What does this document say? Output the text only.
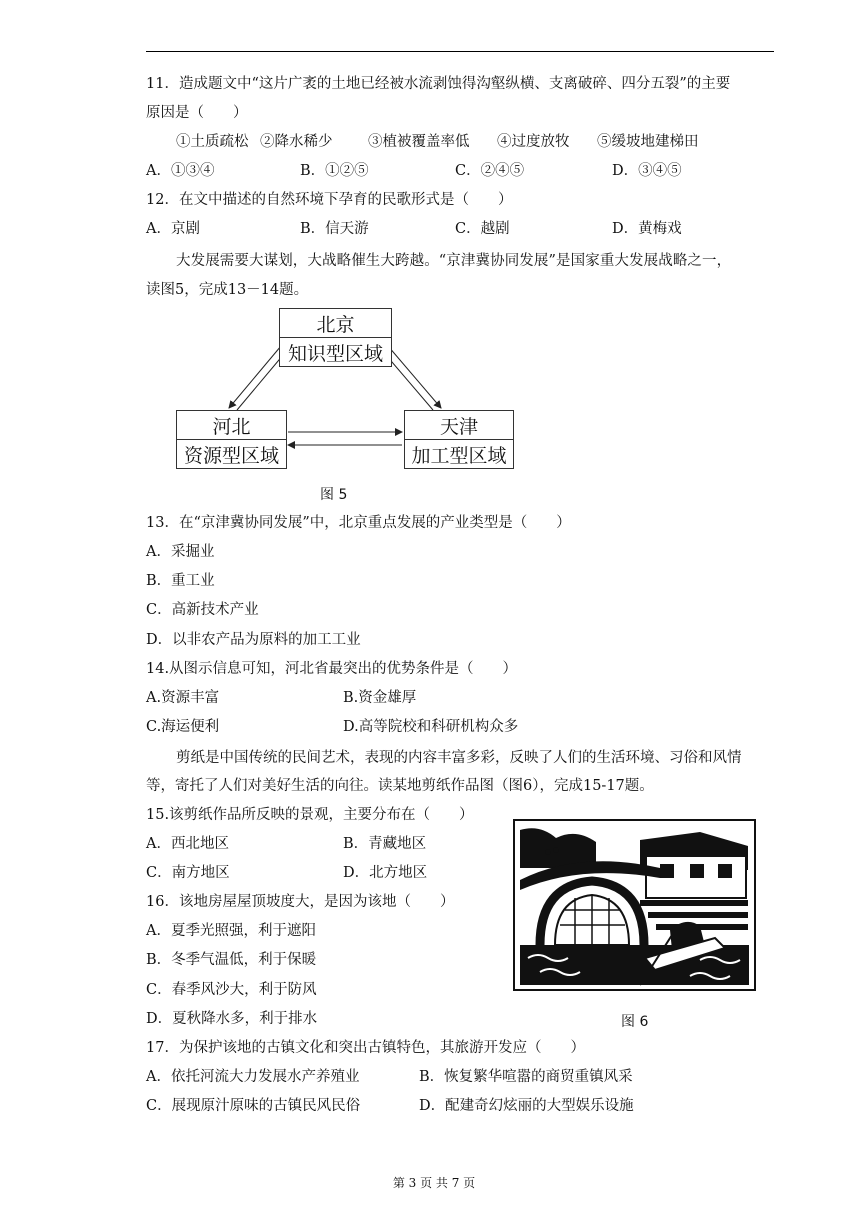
11．造成题文中“这片广袤的土地已经被水流剥蚀得沟壑纵横、支离破碎、四分五裂”的主要
原因是（　　）
①土质疏松 ②降水稀少 ③植被覆盖率低 ④过度放牧 ⑤缓坡地建梯田
A．①③④	B．①②⑤	C．②④⑤	D．③④⑤
12．在文中描述的自然环境下孕育的民歌形式是（　　）
A．京剧	B．信天游	C．越剧	D．黄梅戏
大发展需要大谋划，大战略催生大跨越。“京津冀协同发展”是国家重大发展战略之一，
读图5，完成13－14题。
北京
知识型区域
河北
资源型区域
天津
加工型区域
图 5
13．在“京津冀协同发展”中，北京重点发展的产业类型是（　　）
A．采掘业
B．重工业
C．高新技术产业
D．以非农产品为原料的加工工业
14.从图示信息可知，河北省最突出的优势条件是（　　）
A.资源丰富	B.资金雄厚
C.海运便利	D.高等院校和科研机构众多
剪纸是中国传统的民间艺术，表现的内容丰富多彩，反映了人们的生活环境、习俗和风情
等，寄托了人们对美好生活的向往。读某地剪纸作品图（图6），完成15-17题。
15.该剪纸作品所反映的景观，主要分布在（　　）
A．西北地区	B．青藏地区
C．南方地区	D．北方地区
16．该地房屋屋顶坡度大，是因为该地（　　）
A．夏季光照强，利于遮阳
B．冬季气温低，利于保暖
C．春季风沙大，利于防风
D．夏秋降水多，利于排水	图 6
17．为保护该地的古镇文化和突出古镇特色，其旅游开发应（　　）
A．依托河流大力发展水产养殖业	B．恢复繁华喧嚣的商贸重镇风采
C．展现原汁原味的古镇民风民俗	D．配建奇幻炫丽的大型娱乐设施
第 3 页 共 7 页
